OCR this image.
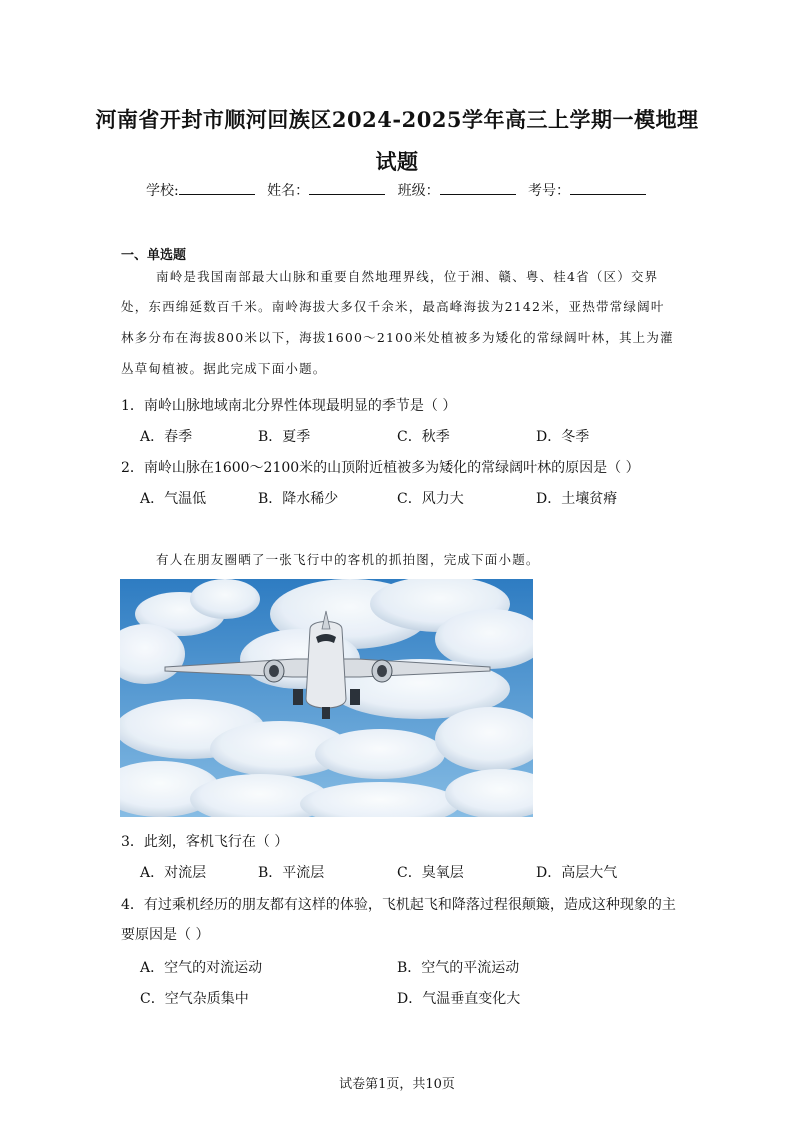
河南省开封市顺河回族区2024-2025学年高三上学期一模地理
试题
学校:	姓名：	班级：	考号：
一、单选题
南岭是我国南部最大山脉和重要自然地理界线，位于湘、赣、粤、桂4省（区）交界
处，东西绵延数百千米。南岭海拔大多仅千余米，最高峰海拔为2142米，亚热带常绿阔叶
林多分布在海拔800米以下，海拔1600～2100米处植被多为矮化的常绿阔叶林，其上为灌
丛草甸植被。据此完成下面小题。
1．南岭山脉地域南北分界性体现最明显的季节是（ ）
A．春季	B．夏季	C．秋季	D．冬季
2．南岭山脉在1600～2100米的山顶附近植被多为矮化的常绿阔叶林的原因是（ ）
A．气温低	B．降水稀少	C．风力大	D．土壤贫瘠
有人在朋友圈晒了一张飞行中的客机的抓拍图，完成下面小题。
3．此刻，客机飞行在（ ）
A．对流层	B．平流层	C．臭氧层	D．高层大气
4．有过乘机经历的朋友都有这样的体验，飞机起飞和降落过程很颠簸，造成这种现象的主
要原因是（ ）
A．空气的对流运动	B．空气的平流运动
C．空气杂质集中	D．气温垂直变化大
试卷第1页，共10页
